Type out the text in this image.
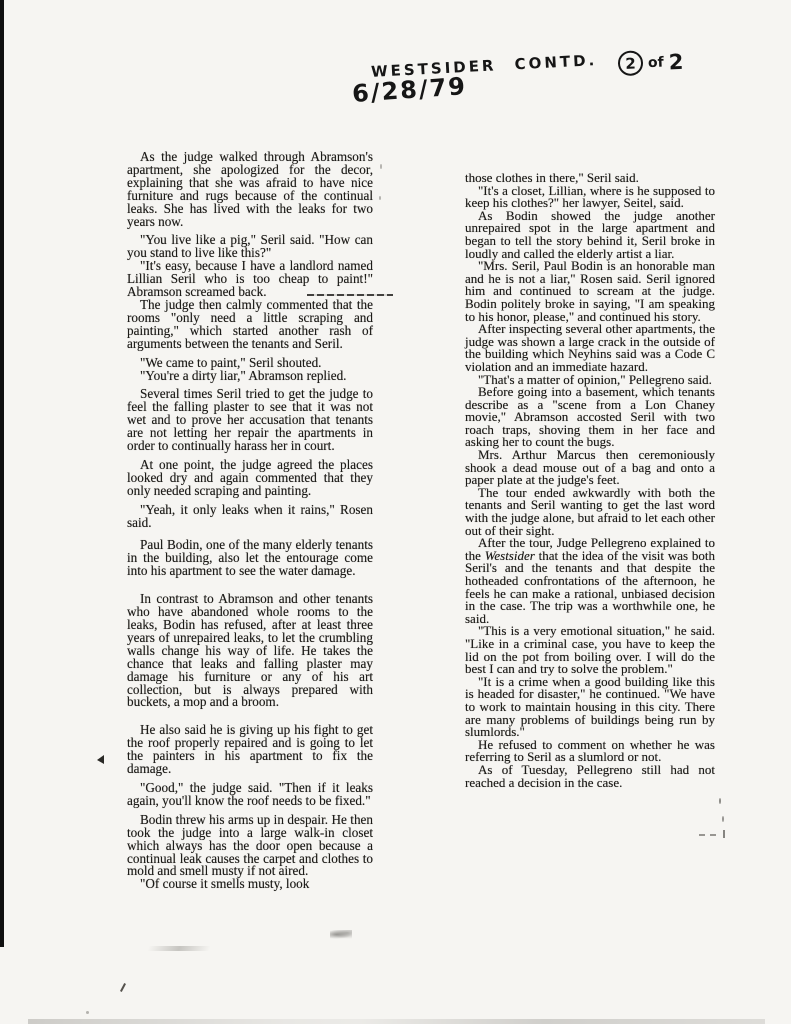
WESTSIDER CONTD.
6/28/79
2 of 2

As the judge walked through Abramson's apartment, she apologized for the decor, explaining that she was afraid to have nice furniture and rugs because of the continual leaks. She has lived with the leaks for two years now.

"You live like a pig," Seril said. "How can you stand to live like this?"

"It's easy, because I have a landlord named Lillian Seril who is too cheap to paint!" Abramson screamed back.

The judge then calmly commented that the rooms "only need a little scraping and painting," which started another rash of arguments between the tenants and Seril.

"We came to paint," Seril shouted.

"You're a dirty liar," Abramson replied.

Several times Seril tried to get the judge to feel the falling plaster to see that it was not wet and to prove her accusation that tenants are not letting her repair the apartments in order to continually harass her in court.

At one point, the judge agreed the places looked dry and again commented that they only needed scraping and painting.

"Yeah, it only leaks when it rains," Rosen said.

Paul Bodin, one of the many elderly tenants in the building, also let the entourage come into his apartment to see the water damage.

In contrast to Abramson and other tenants who have abandoned whole rooms to the leaks, Bodin has refused, after at least three years of unrepaired leaks, to let the crumbling walls change his way of life. He takes the chance that leaks and falling plaster may damage his furniture or any of his art collection, but is always prepared with buckets, a mop and a broom.

He also said he is giving up his fight to get the roof properly repaired and is going to let the painters in his apartment to fix the damage.

"Good," the judge said. "Then if it leaks again, you'll know the roof needs to be fixed."

Bodin threw his arms up in despair. He then took the judge into a large walk-in closet which always has the door open because a continual leak causes the carpet and clothes to mold and smell musty if not aired.

"Of course it smells musty, look

those clothes in there," Seril said.

"It's a closet, Lillian, where is he supposed to keep his clothes?" her lawyer, Seitel, said.

As Bodin showed the judge another unrepaired spot in the large apartment and began to tell the story behind it, Seril broke in loudly and called the elderly artist a liar.

"Mrs. Seril, Paul Bodin is an honorable man and he is not a liar," Rosen said. Seril ignored him and continued to scream at the judge. Bodin politely broke in saying, "I am speaking to his honor, please," and continued his story.

After inspecting several other apartments, the judge was shown a large crack in the outside of the building which Neyhins said was a Code C violation and an immediate hazard.

"That's a matter of opinion," Pellegreno said.

Before going into a basement, which tenants describe as a "scene from a Lon Chaney movie," Abramson accosted Seril with two roach traps, shoving them in her face and asking her to count the bugs.

Mrs. Arthur Marcus then ceremoniously shook a dead mouse out of a bag and onto a paper plate at the judge's feet.

The tour ended awkwardly with both the tenants and Seril wanting to get the last word with the judge alone, but afraid to let each other out of their sight.

After the tour, Judge Pellegreno explained to the Westsider that the idea of the visit was both Seril's and the tenants and that despite the hotheaded confrontations of the afternoon, he feels he can make a rational, unbiased decision in the case. The trip was a worthwhile one, he said.

"This is a very emotional situation," he said. "Like in a criminal case, you have to keep the lid on the pot from boiling over. I will do the best I can and try to solve the problem."

"It is a crime when a good building like this is headed for disaster," he continued. "We have to work to maintain housing in this city. There are many problems of buildings being run by slumlords."

He refused to comment on whether he was referring to Seril as a slumlord or not.

As of Tuesday, Pellegreno still had not reached a decision in the case.
